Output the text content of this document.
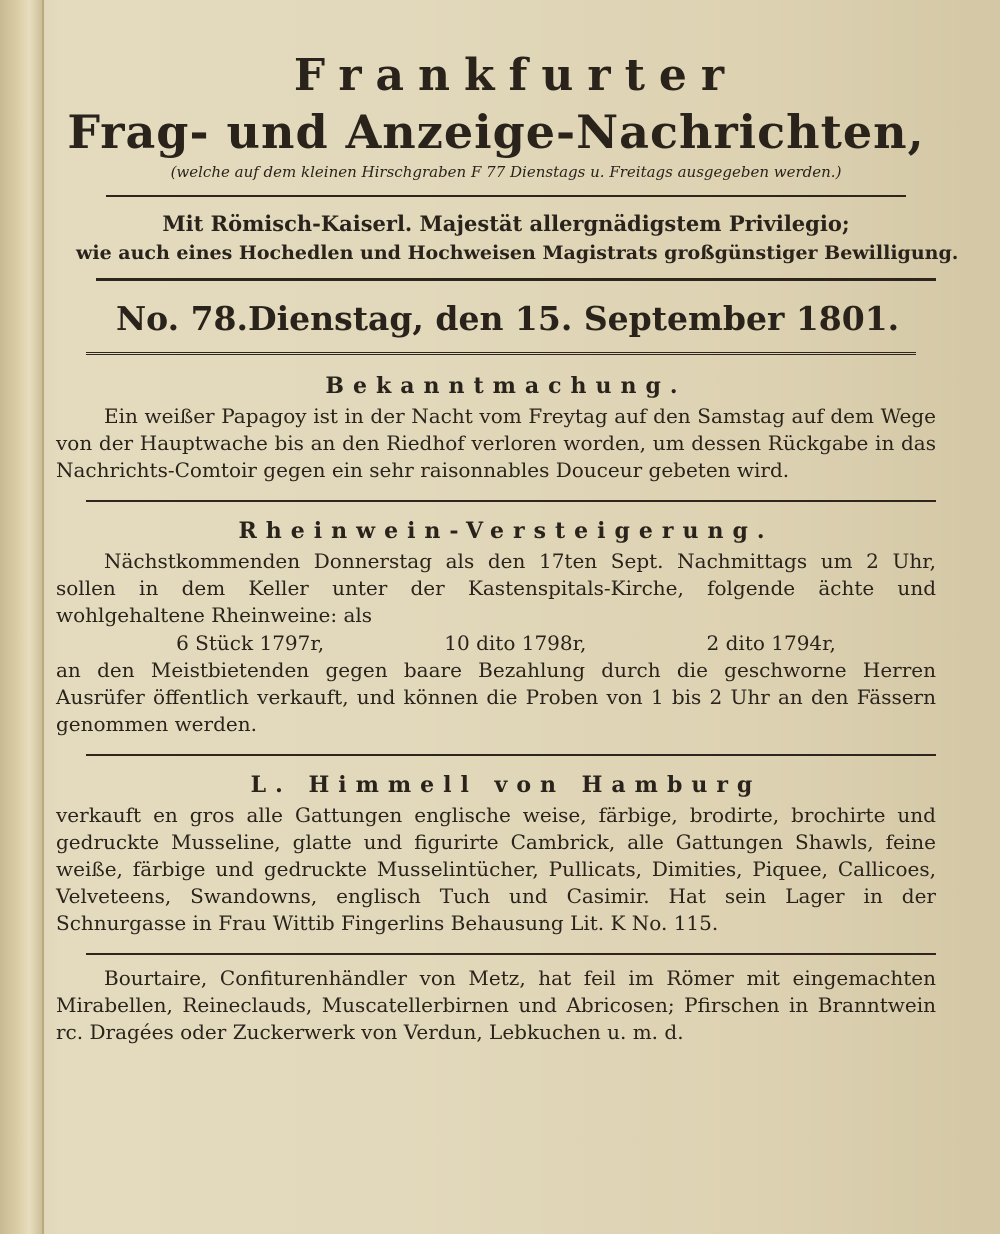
Frankfurter
Frag- und Anzeige-Nachrichten,
(welche auf dem kleinen Hirschgraben F 77 Dienstags u. Freitags ausgegeben werden.)
Mit Römisch-Kaiserl. Majestät allergnädigstem Privilegio;
wie auch eines Hochedlen und Hochweisen Magistrats großgünstiger Bewilligung.
No. 78. Dienstag, den 15. September 1801.
Bekanntmachung.

Ein weißer Papagoy ist in der Nacht vom Freytag auf den Samstag auf dem Wege von der Hauptwache bis an den Riedhof verloren worden, um dessen Rückgabe in das Nachrichts-Comtoir gegen ein sehr raisonnables Douceur gebeten wird.

Rheinwein-Versteigerung.

Nächstkommenden Donnerstag als den 17ten Sept. Nachmittags um 2 Uhr, sollen in dem Keller unter der Kastenspitals-Kirche, folgende ächte und wohlgehaltene Rheinweine: als

6 Stück 1797r,	10 dito 1798r,	2 dito 1794r,

an den Meistbietenden gegen baare Bezahlung durch die geschworne Herren Ausrüfer öffentlich verkauft, und können die Proben von 1 bis 2 Uhr an den Fässern genommen werden.

L. Himmell von Hamburg

verkauft en gros alle Gattungen englische weise, färbige, brodirte, brochirte und gedruckte Musseline, glatte und figurirte Cambrick, alle Gattungen Shawls, feine weiße, färbige und gedruckte Musselintücher, Pullicats, Dimities, Piquee, Callicoes, Velveteens, Swandowns, englisch Tuch und Casimir. Hat sein Lager in der Schnurgasse in Frau Wittib Fingerlins Behausung Lit. K No. 115.

Bourtaire, Confiturenhändler von Metz, hat feil im Römer mit eingemachten Mirabellen, Reineclauds, Muscatellerbirnen und Abricosen; Pfirschen in Branntwein rc. Dragées oder Zuckerwerk von Verdun, Lebkuchen u. m. d.
